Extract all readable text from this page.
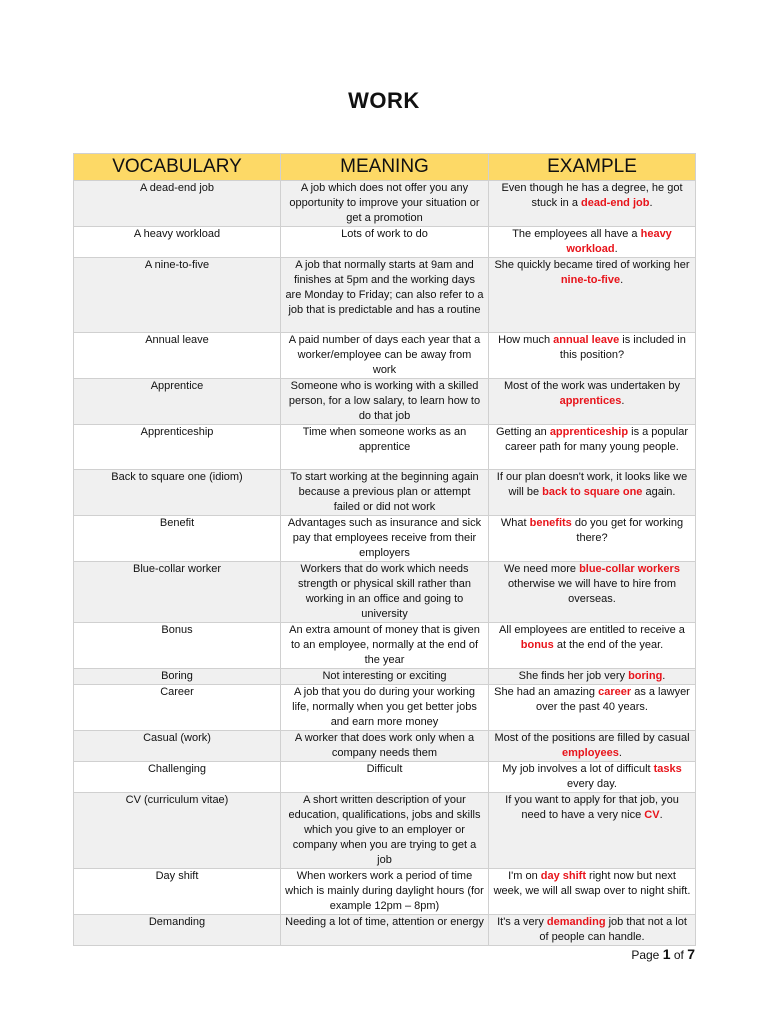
WORK
VOCABULARY	MEANING	EXAMPLE
A dead-end job	A job which does not offer you any opportunity to improve your situation or get a promotion	Even though he has a degree, he got stuck in a dead-end job.
A heavy workload	Lots of work to do	The employees all have a heavy workload.
A nine-to-five	A job that normally starts at 9am and finishes at 5pm and the working days are Monday to Friday; can also refer to a job that is predictable and has a routine	She quickly became tired of working her nine-to-five.
Annual leave	A paid number of days each year that a worker/employee can be away from work	How much annual leave is included in this position?
Apprentice	Someone who is working with a skilled person, for a low salary, to learn how to do that job	Most of the work was undertaken by apprentices.
Apprenticeship	Time when someone works as an apprentice	Getting an apprenticeship is a popular career path for many young people.
Back to square one (idiom)	To start working at the beginning again because a previous plan or attempt failed or did not work	If our plan doesn't work, it looks like we will be back to square one again.
Benefit	Advantages such as insurance and sick pay that employees receive from their employers	What benefits do you get for working there?
Blue-collar worker	Workers that do work which needs strength or physical skill rather than working in an office and going to university	We need more blue-collar workers otherwise we will have to hire from overseas.
Bonus	An extra amount of money that is given to an employee, normally at the end of the year	All employees are entitled to receive a bonus at the end of the year.
Boring	Not interesting or exciting	She finds her job very boring.
Career	A job that you do during your working life, normally when you get better jobs and earn more money	She had an amazing career as a lawyer over the past 40 years.
Casual (work)	A worker that does work only when a company needs them	Most of the positions are filled by casual employees.
Challenging	Difficult	My job involves a lot of difficult tasks every day.
CV (curriculum vitae)	A short written description of your education, qualifications, jobs and skills which you give to an employer or company when you are trying to get a job	If you want to apply for that job, you need to have a very nice CV.
Day shift	When workers work a period of time which is mainly during daylight hours (for example 12pm – 8pm)	I'm on day shift right now but next week, we will all swap over to night shift.
Demanding	Needing a lot of time, attention or energy	It's a very demanding job that not a lot of people can handle.
Page 1 of 7
